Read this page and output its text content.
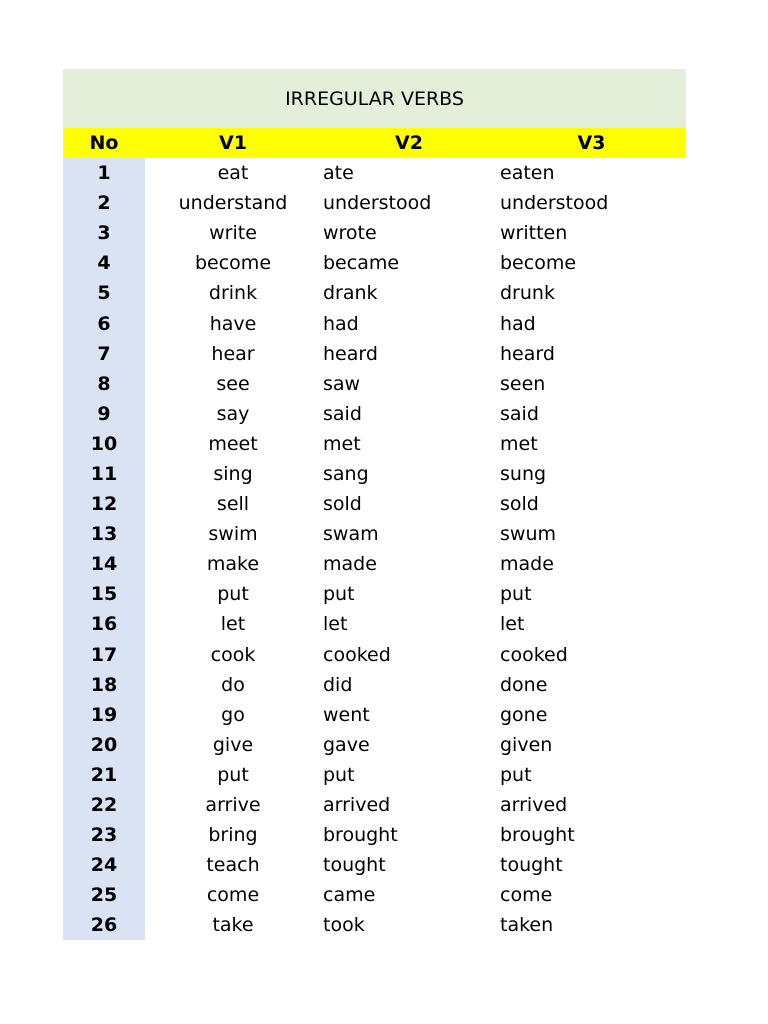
IRREGULAR VERBS
No	V1	V2	V3
1	eat	ate	eaten
2	understand	understood	understood
3	write	wrote	written
4	become	became	become
5	drink	drank	drunk
6	have	had	had
7	hear	heard	heard
8	see	saw	seen
9	say	said	said
10	meet	met	met
11	sing	sang	sung
12	sell	sold	sold
13	swim	swam	swum
14	make	made	made
15	put	put	put
16	let	let	let
17	cook	cooked	cooked
18	do	did	done
19	go	went	gone
20	give	gave	given
21	put	put	put
22	arrive	arrived	arrived
23	bring	brought	brought
24	teach	tought	tought
25	come	came	come
26	take	took	taken
